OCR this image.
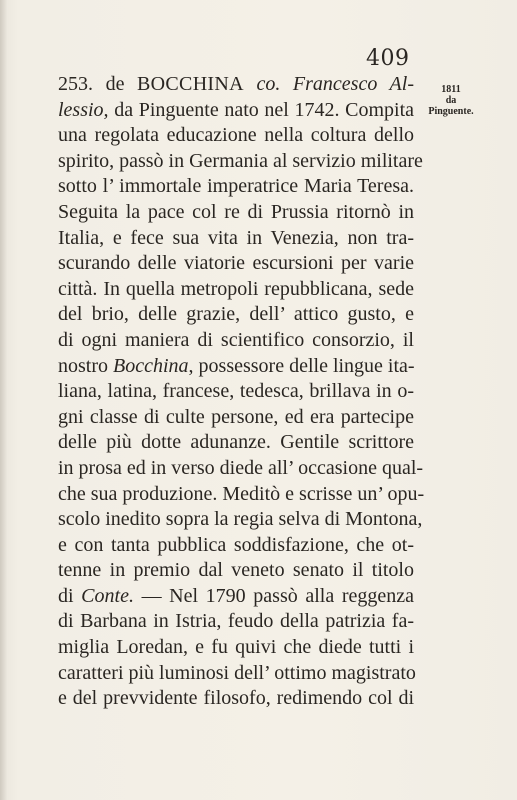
409
1811
da
Pinguente.
253. de BOCCHINA co. Francesco Al-
lessio, da Pinguente nato nel 1742. Compita
una regolata educazione nella coltura dello
spirito, passò in Germania al servizio militare
sotto l’ immortale imperatrice Maria Teresa.
Seguita la pace col re di Prussia ritornò in
Italia, e fece sua vita in Venezia, non tra-
scurando delle viatorie escursioni per varie
città. In quella metropoli repubblicana, sede
del brio, delle grazie, dell’ attico gusto, e
di ogni maniera di scientifico consorzio, il
nostro Bocchina, possessore delle lingue ita-
liana, latina, francese, tedesca, brillava in o-
gni classe di culte persone, ed era partecipe
delle più dotte adunanze. Gentile scrittore
in prosa ed in verso diede all’ occasione qual-
che sua produzione. Meditò e scrisse un’ opu-
scolo inedito sopra la regia selva di Montona,
e con tanta pubblica soddisfazione, che ot-
tenne in premio dal veneto senato il titolo
di Conte. — Nel 1790 passò alla reggenza
di Barbana in Istria, feudo della patrizia fa-
miglia Loredan, e fu quivi che diede tutti i
caratteri più luminosi dell’ ottimo magistrato
e del prevvidente filosofo, redimendo col di
